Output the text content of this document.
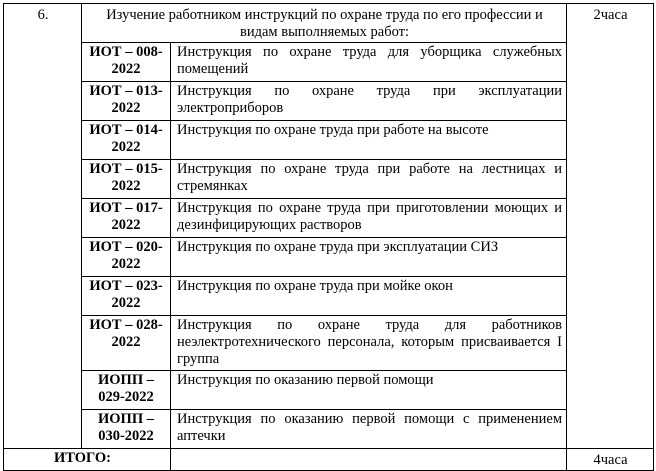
6.	Изучение работником инструкций по охране труда по его профессии и видам выполняемых работ:		2часа
	ИОТ – 008-2022	Инструкция по охране труда для уборщика служебных помещений	
	ИОТ – 013-2022	Инструкция по охране труда при эксплуатации электроприборов	
	ИОТ – 014-2022	Инструкция по охране труда при работе на высоте	
	ИОТ – 015-2022	Инструкция по охране труда при работе на лестницах и стремянках	
	ИОТ – 017-2022	Инструкция по охране труда при приготовлении моющих и дезинфицирующих растворов	
	ИОТ – 020-2022	Инструкция по охране труда при эксплуатации СИЗ	
	ИОТ – 023-2022	Инструкция по охране труда при мойке окон	
	ИОТ – 028-2022	Инструкция по охране труда для работников неэлектротехнического персонала, которым присваивается I группа	
	ИОПП – 029-2022	Инструкция по оказанию первой помощи	
	ИОПП – 030-2022	Инструкция по оказанию первой помощи с применением аптечки	
ИТОГО:			4часа
